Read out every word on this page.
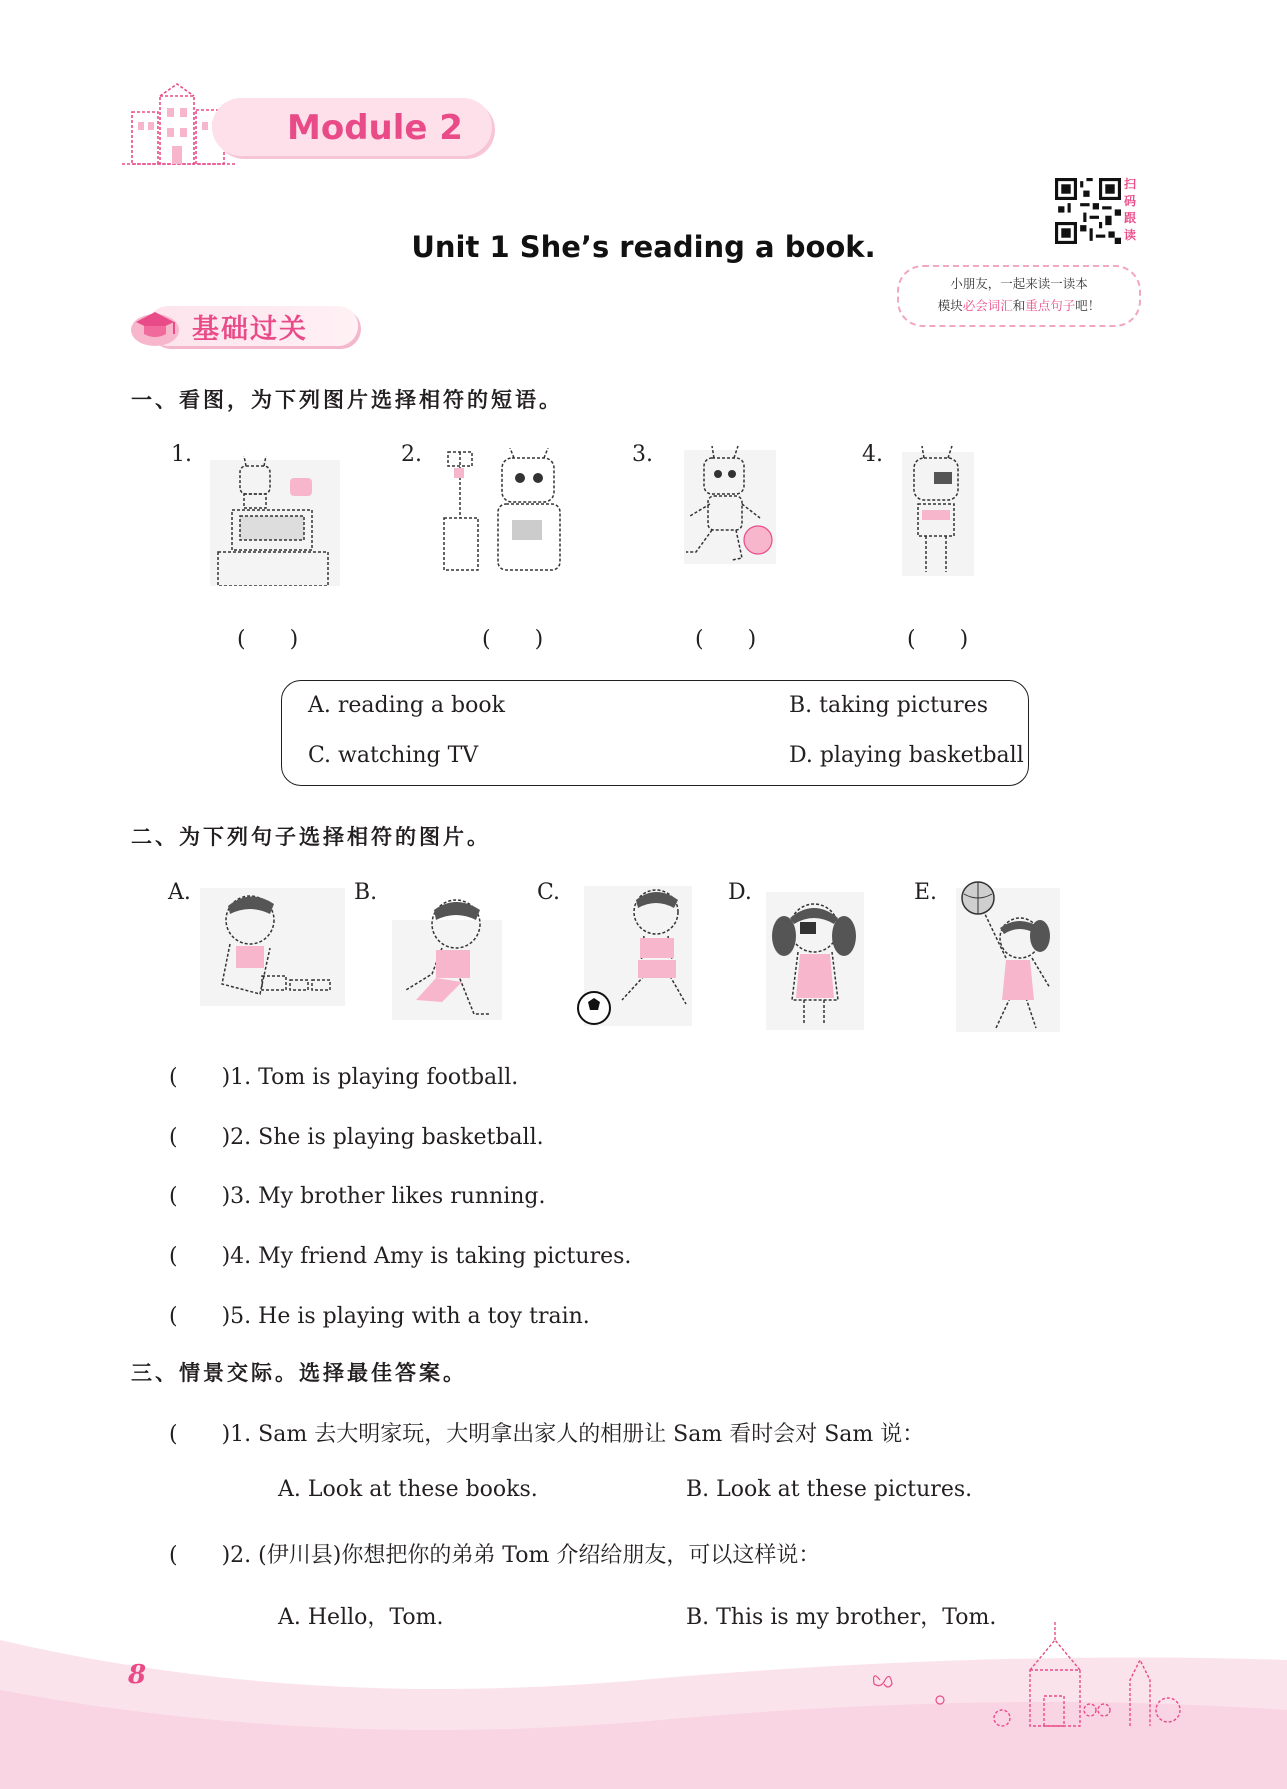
Module 2
Unit 1 She’s reading a book.
扫码跟读
小朋友，一起来读一读本
模块必会词汇和重点句子吧！
基础过关
一、看图，为下列图片选择相符的短语。
1.
(　　)
2.
(　　)
3.
(　　)
4.
(　　)
A. reading a book	B. taking pictures
C. watching TV	D. playing basketball
二、为下列句子选择相符的图片。
A.	B.	C.	D.	E.
(　　)1. Tom is playing football.
(　　)2. She is playing basketball.
(　　)3. My brother likes running.
(　　)4. My friend Amy is taking pictures.
(　　)5. He is playing with a toy train.
三、情景交际。选择最佳答案。
(　　)1. Sam 去大明家玩，大明拿出家人的相册让 Sam 看时会对 Sam 说：
A. Look at these books.	B. Look at these pictures.
(　　)2. (伊川县)你想把你的弟弟 Tom 介绍给朋友，可以这样说：
A. Hello，Tom.	B. This is my brother，Tom.
8
